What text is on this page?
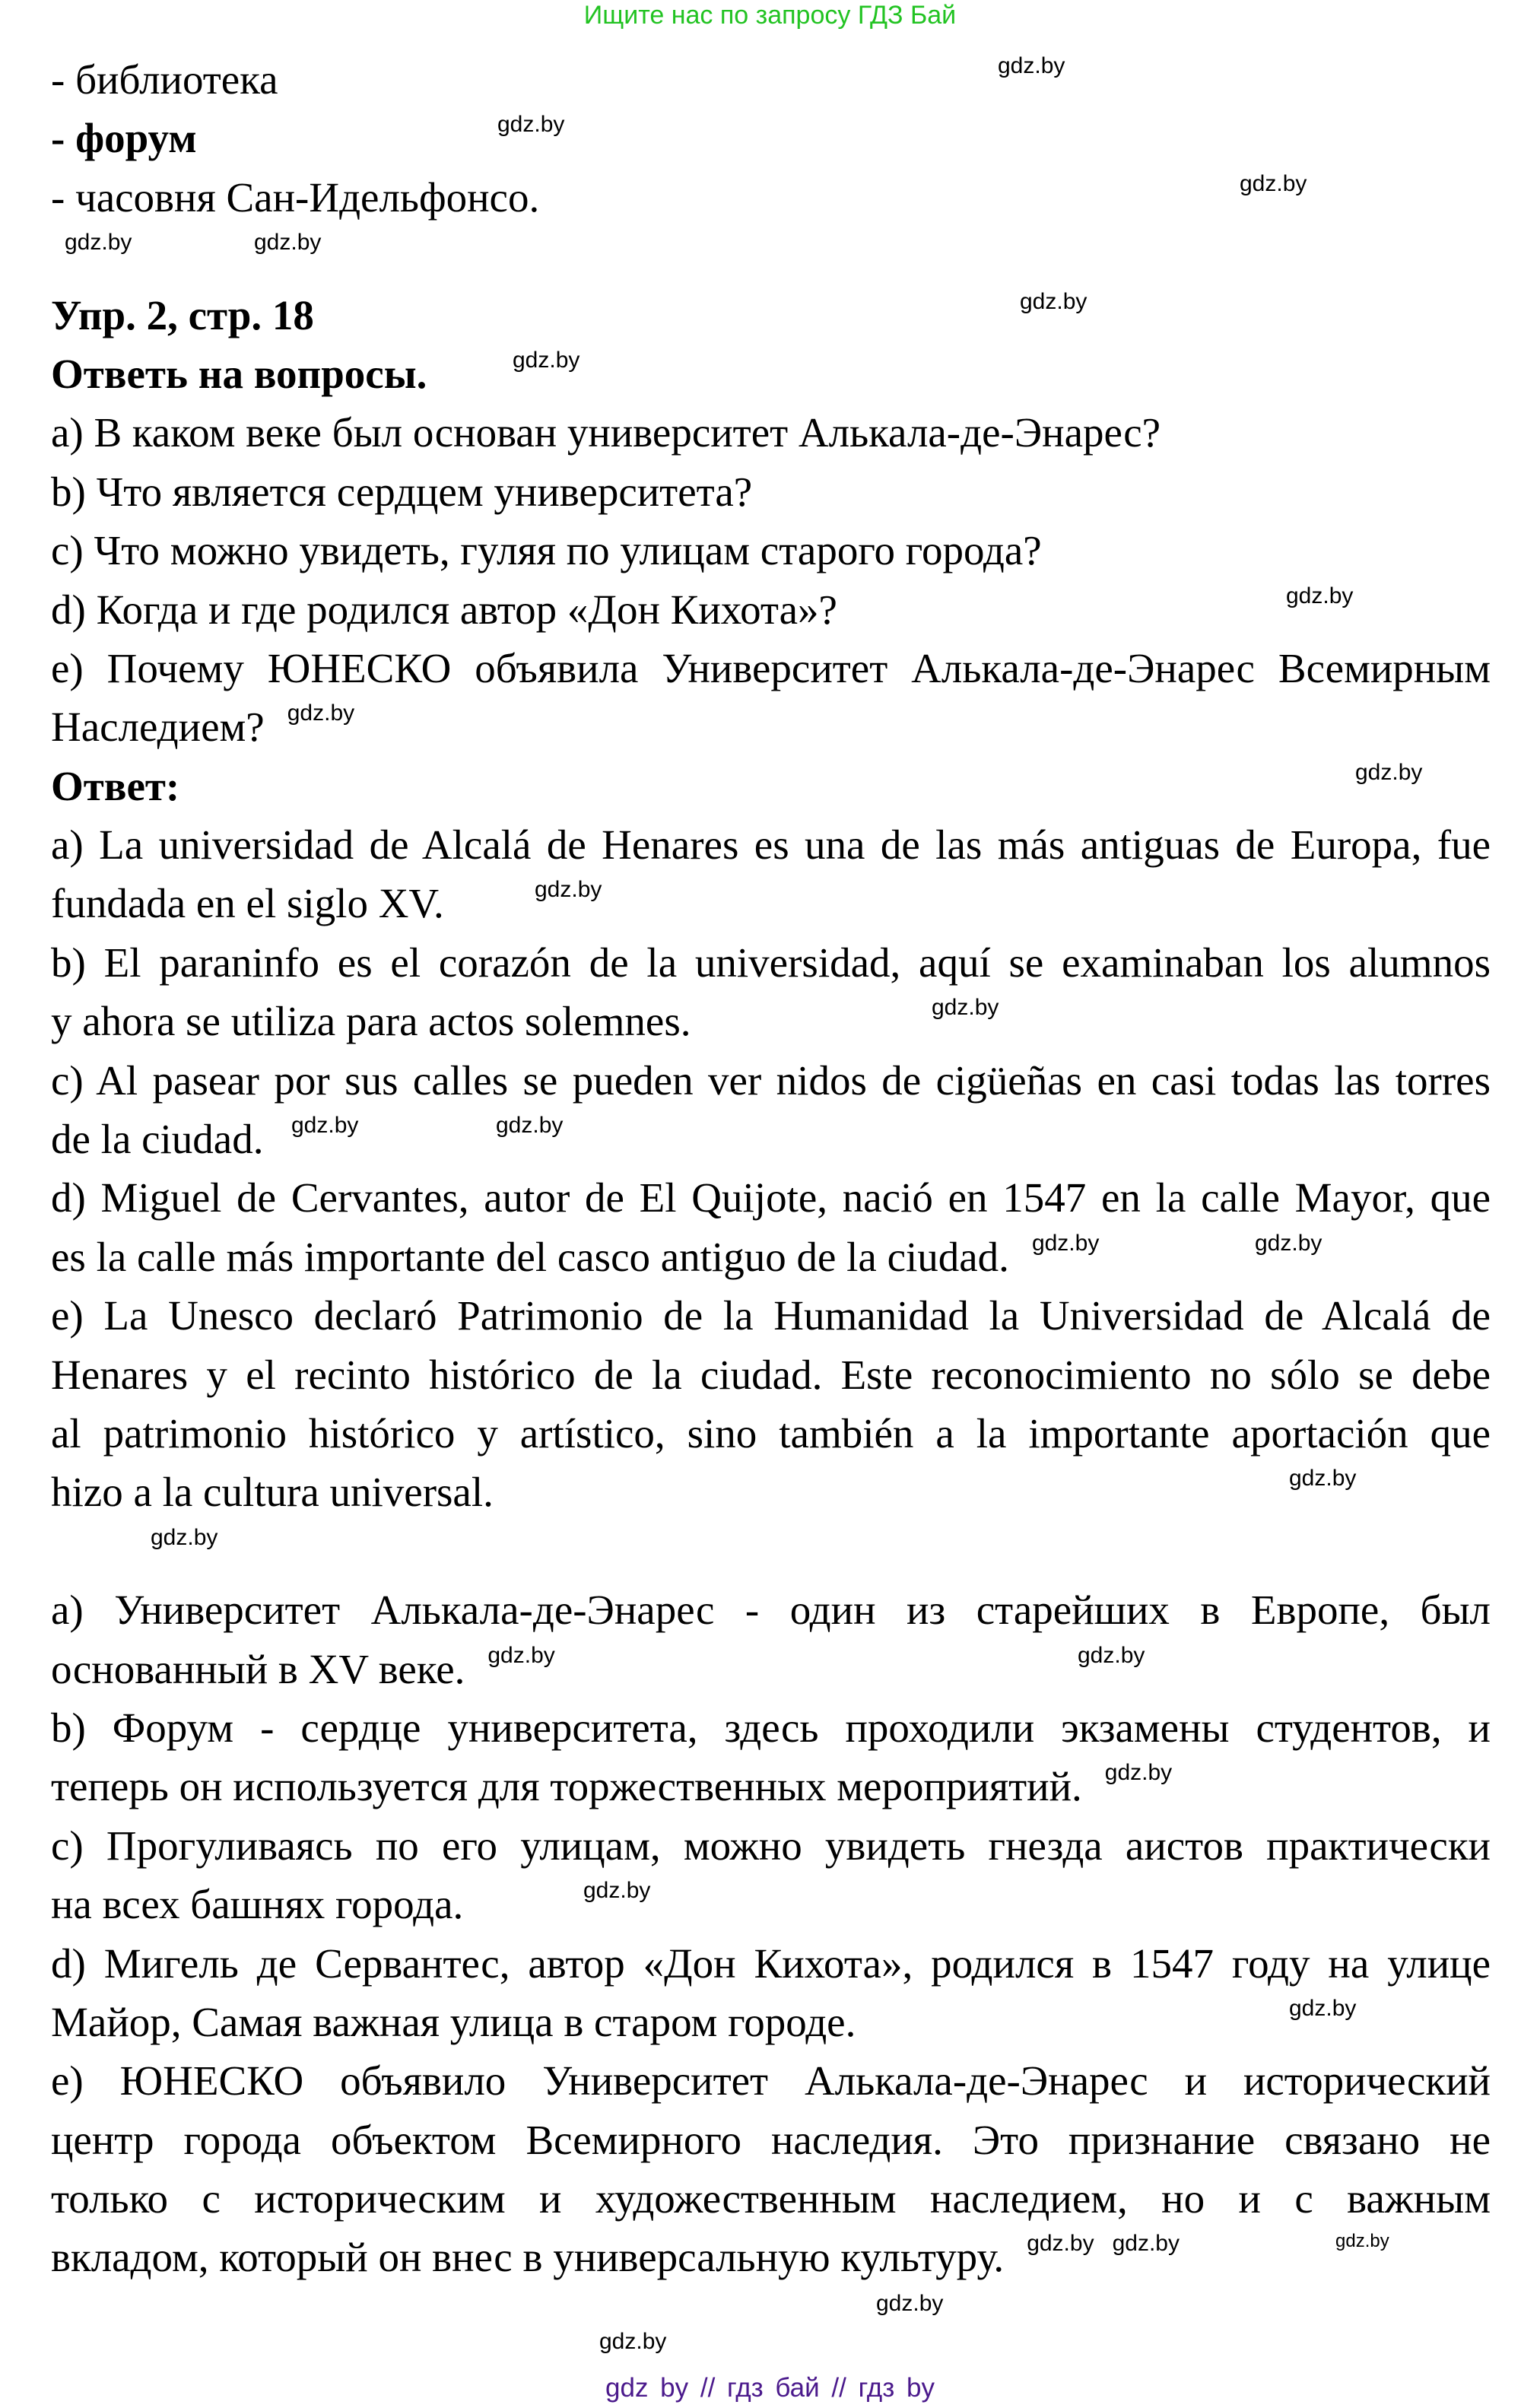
Ищите нас по запросу ГДЗ Бай
- библиотека	gdz.by
- форум	gdz.by
- часовня Сан-Идельфонсо.	gdz.by
gdz.by	gdz.by
Упр. 2, стр. 18	gdz.by
Ответь на вопросы.	gdz.by
a) В каком веке был основан университет Алькала-де-Энарес?
b) Что является сердцем университета?
c) Что можно увидеть, гуляя по улицам старого города?
d) Когда и где родился автор «Дон Кихота»?	gdz.by
e) Почему ЮНЕСКО объявила Университет Алькала-де-Энарес Всемирным
Наследием? gdz.by
Ответ:	gdz.by
a) La universidad de Alcalá de Henares es una de las más antiguas de Europa, fue
fundada en el siglo XV.	gdz.by
b) El paraninfo es el corazón de la universidad, aquí se examinaban los alumnos
y ahora se utiliza para actos solemnes.	gdz.by
c) Al pasear por sus calles se pueden ver nidos de cigüeñas en casi todas las torres
de la ciudad. gdz.by	gdz.by
d) Miguel de Cervantes, autor de El Quijote, nació en 1547 en la calle Mayor, que
es la calle más importante del casco antiguo de la ciudad. gdz.by	gdz.by
e) La Unesco declaró Patrimonio de la Humanidad la Universidad de Alcalá de
Henares y el recinto histórico de la ciudad. Este reconocimiento no sólo se debe
al patrimonio histórico y artístico, sino también a la importante aportación que
hizo a la cultura universal.	gdz.by
gdz.by
a) Университет Алькала-де-Энарес - один из старейших в Европе, был
основанный в XV веке. gdz.by	gdz.by
b) Форум - сердце университета, здесь проходили экзамены студентов, и
теперь он используется для торжественных мероприятий. gdz.by
c) Прогуливаясь по его улицам, можно увидеть гнезда аистов практически
на всех башнях города.	gdz.by
d) Мигель де Сервантес, автор «Дон Кихота», родился в 1547 году на улице
Майор, Самая важная улица в старом городе.	gdz.by
e) ЮНЕСКО объявило Университет Алькала-де-Энарес и исторический
центр города объектом Всемирного наследия. Это признание связано не
только с историческим и художественным наследием, но и с важным
вкладом, который он внес в универсальную культуру. gdz.by gdz.by	gdz.by
gdz.by
gdz.by
gdz by // гдз бай // гдз by
